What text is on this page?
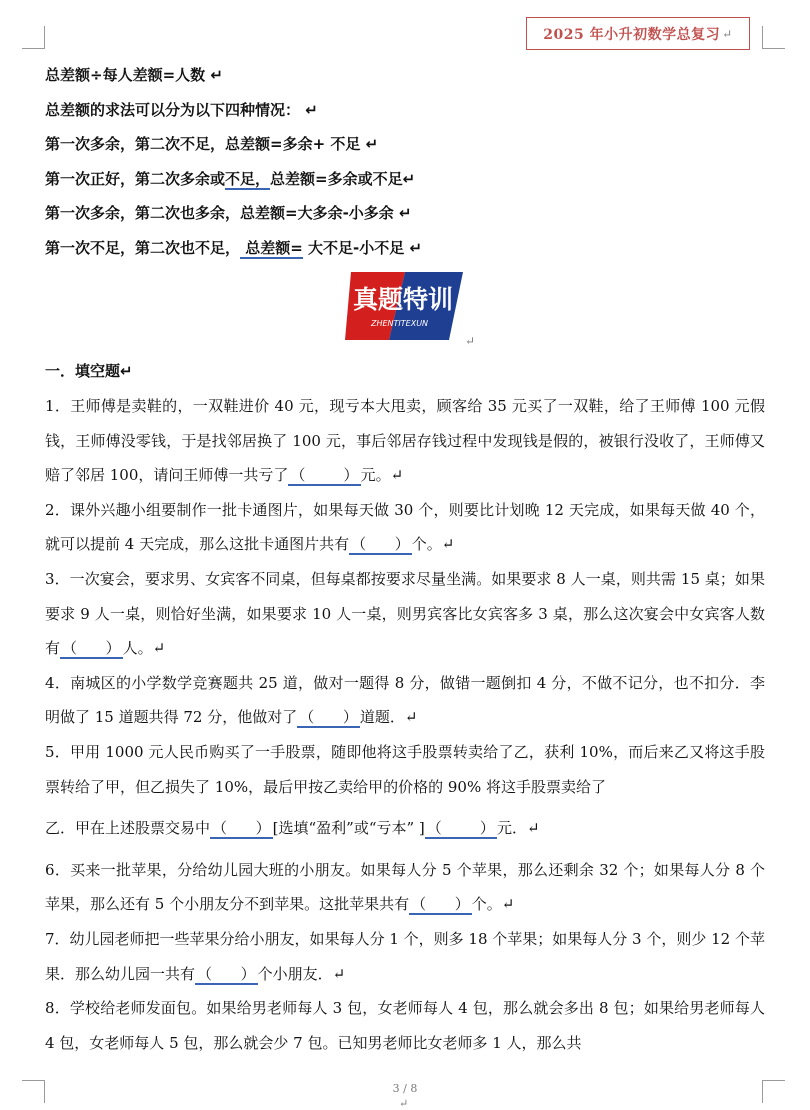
2025 年小升初数学总复习 ↵
总差额÷每人差额=人数 ↵
总差额的求法可以分为以下四种情况： ↵
第一次多余，第二次不足，总差额=多余+ 不足 ↵
第一次正好，第二次多余或不足，总差额=多余或不足↵
第一次多余，第二次也多余，总差额=大多余-小多余 ↵
第一次不足，第二次也不足， 总差额= 大不足-小不足 ↵
真题特训
ZHENTITEXUN
↵
一．填空题↵
1．王师傅是卖鞋的，一双鞋进价 40 元，现亏本大甩卖，顾客给 35 元买了一双鞋，给了王师傅 100 元假钱，王师傅没零钱，于是找邻居换了 100 元，事后邻居存钱过程中发现钱是假的，被银行没收了，王师傅又赔了邻居 100，请问王师傅一共亏了 （        ） 元。↵
2．课外兴趣小组要制作一批卡通图片，如果每天做 30 个，则要比计划晚 12 天完成，如果每天做 40 个，就可以提前 4 天完成，那么这批卡通图片共有 （      ） 个。↵
3．一次宴会，要求男、女宾客不同桌，但每桌都按要求尽量坐满。如果要求 8 人一桌，则共需 15 桌；如果要求 9 人一桌，则恰好坐满，如果要求 10 人一桌，则男宾客比女宾客多 3 桌，那么这次宴会中女宾客人数有 （      ） 人。↵
4．南城区的小学数学竞赛题共 25 道，做对一题得 8 分，做错一题倒扣 4 分，不做不记分，也不扣分．李明做了 15 道题共得 72 分，他做对了 （      ） 道题．↵
5．甲用 1000 元人民币购买了一手股票，随即他将这手股票转卖给了乙，获利 10%，而后来乙又将这手股票转给了甲，但乙损失了 10%，最后甲按乙卖给甲的价格的 90% 将这手股票卖给了
乙．甲在上述股票交易中 （      ） [选填“盈利”或“亏本” ] （        ） 元．↵
6．买来一批苹果，分给幼儿园大班的小朋友。如果每人分 5 个苹果，那么还剩余 32 个；如果每人分 8 个苹果，那么还有 5 个小朋友分不到苹果。这批苹果共有 （      ） 个。↵
7．幼儿园老师把一些苹果分给小朋友，如果每人分 1 个，则多 18 个苹果；如果每人分 3 个，则少 12 个苹果．那么幼儿园一共有 （      ） 个小朋友．↵
8．学校给老师发面包。如果给男老师每人 3 包，女老师每人 4 包，那么就会多出 8 包；如果给男老师每人 4 包，女老师每人 5 包，那么就会少 7 包。已知男老师比女老师多 1 人，那么共
3 / 8
↵
